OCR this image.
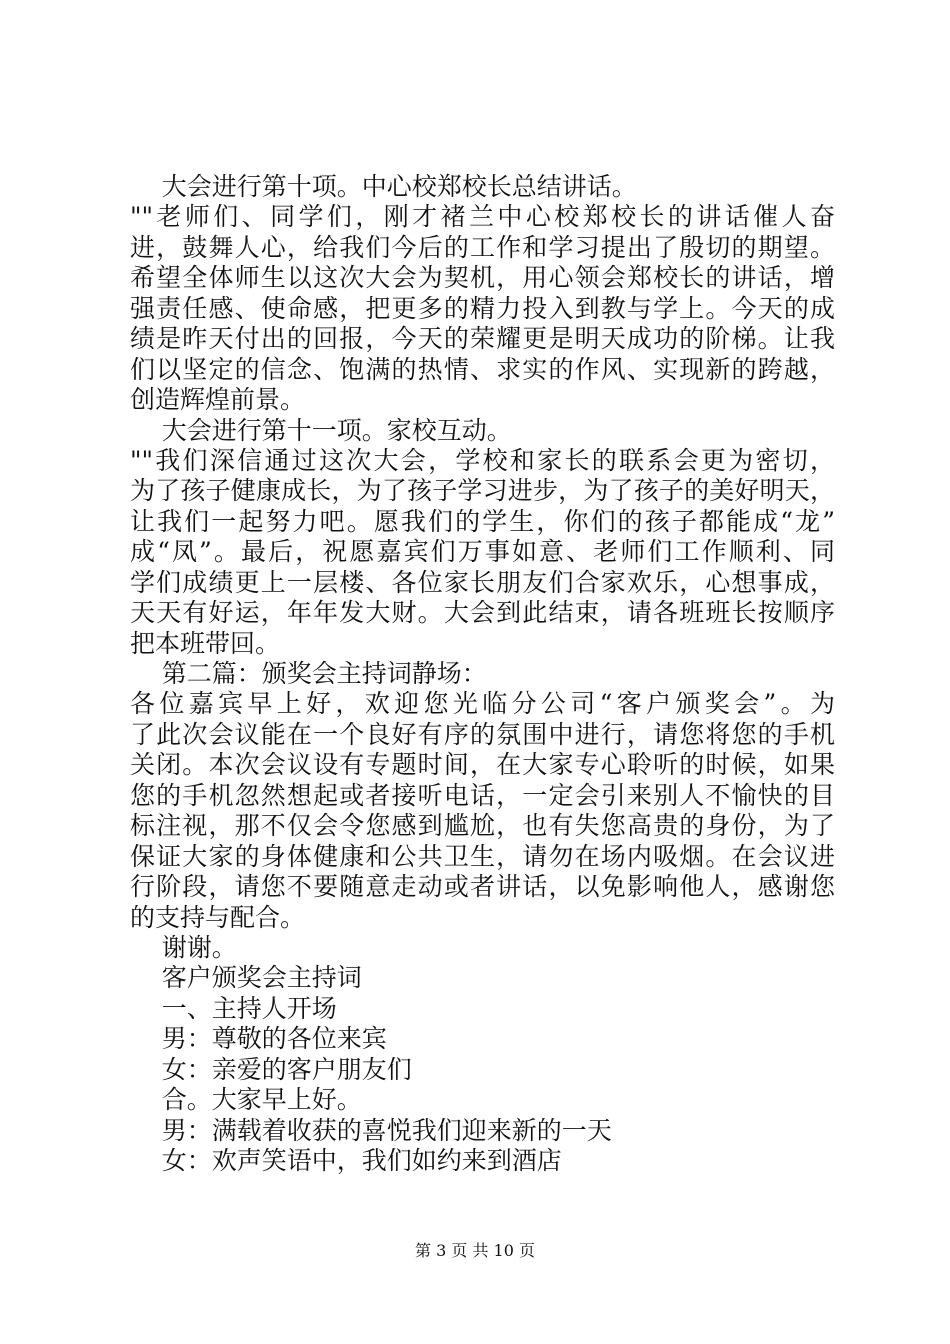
大会进行第十项。中心校郑校长总结讲话。
""老师们、同学们，刚才褚兰中心校郑校长的讲话催人奋
进，鼓舞人心，给我们今后的工作和学习提出了殷切的期望。
希望全体师生以这次大会为契机，用心领会郑校长的讲话，增
强责任感、使命感，把更多的精力投入到教与学上。今天的成
绩是昨天付出的回报，今天的荣耀更是明天成功的阶梯。让我
们以坚定的信念、饱满的热情、求实的作风、实现新的跨越，
创造辉煌前景。
大会进行第十一项。家校互动。
""我们深信通过这次大会，学校和家长的联系会更为密切，
为了孩子健康成长，为了孩子学习进步，为了孩子的美好明天，
让我们一起努力吧。愿我们的学生，你们的孩子都能成“龙”
成“凤”。最后，祝愿嘉宾们万事如意、老师们工作顺利、同
学们成绩更上一层楼、各位家长朋友们合家欢乐，心想事成，
天天有好运，年年发大财。大会到此结束，请各班班长按顺序
把本班带回。
第二篇：颁奖会主持词静场：
各位嘉宾早上好，欢迎您光临分公司“客户颁奖会”。为
了此次会议能在一个良好有序的氛围中进行，请您将您的手机
关闭。本次会议设有专题时间，在大家专心聆听的时候，如果
您的手机忽然想起或者接听电话，一定会引来别人不愉快的目
标注视，那不仅会令您感到尴尬，也有失您高贵的身份，为了
保证大家的身体健康和公共卫生，请勿在场内吸烟。在会议进
行阶段，请您不要随意走动或者讲话，以免影响他人，感谢您
的支持与配合。
谢谢。
客户颁奖会主持词
一、主持人开场
男：尊敬的各位来宾
女：亲爱的客户朋友们
合。大家早上好。
男：满载着收获的喜悦我们迎来新的一天
女：欢声笑语中，我们如约来到酒店
第 3 页 共 10 页
